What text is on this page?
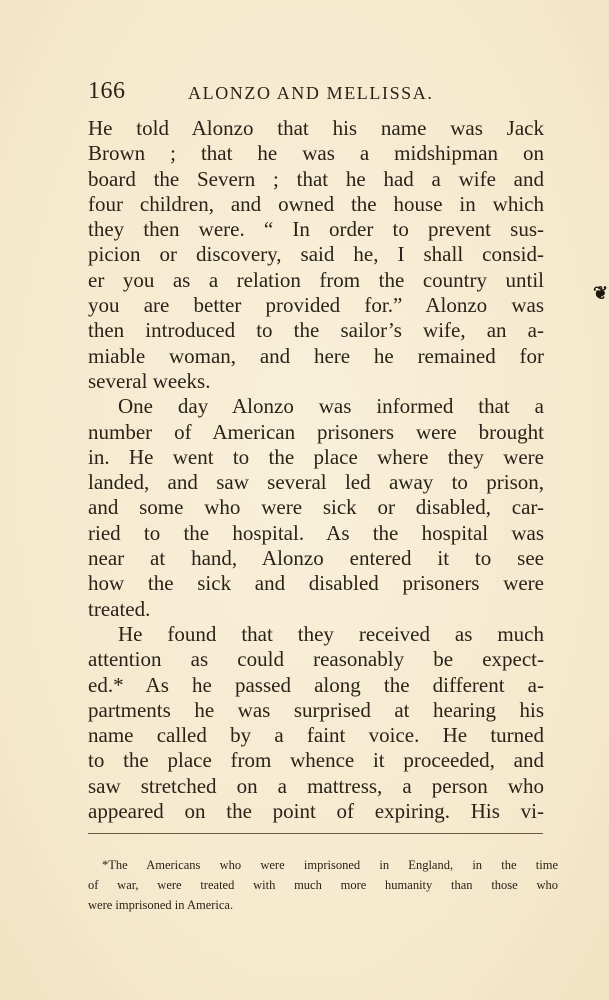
166	ALONZO AND MELLISSA.
He told Alonzo that his name was Jack
Brown ; that he was a midshipman on
board the Severn ; that he had a wife and
four children, and owned the house in which
they then were. “ In order to prevent sus-
picion or discovery, said he, I shall consid-
er you as a relation from the country until
you are better provided for.” Alonzo was
then introduced to the sailor’s wife, an a-
miable woman, and here he remained for
several weeks.
One day Alonzo was informed that a
number of American prisoners were brought
in. He went to the place where they were
landed, and saw several led away to prison,
and some who were sick or disabled, car-
ried to the hospital. As the hospital was
near at hand, Alonzo entered it to see
how the sick and disabled prisoners were
treated.
He found that they received as much
attention as could reasonably be expect-
ed.* As he passed along the different a-
partments he was surprised at hearing his
name called by a faint voice. He turned
to the place from whence it proceeded, and
saw stretched on a mattress, a person who
appeared on the point of expiring. His vi-
❦
*The Americans who were imprisoned in England, in the time
of war, were treated with much more humanity than those who
were imprisoned in America.
